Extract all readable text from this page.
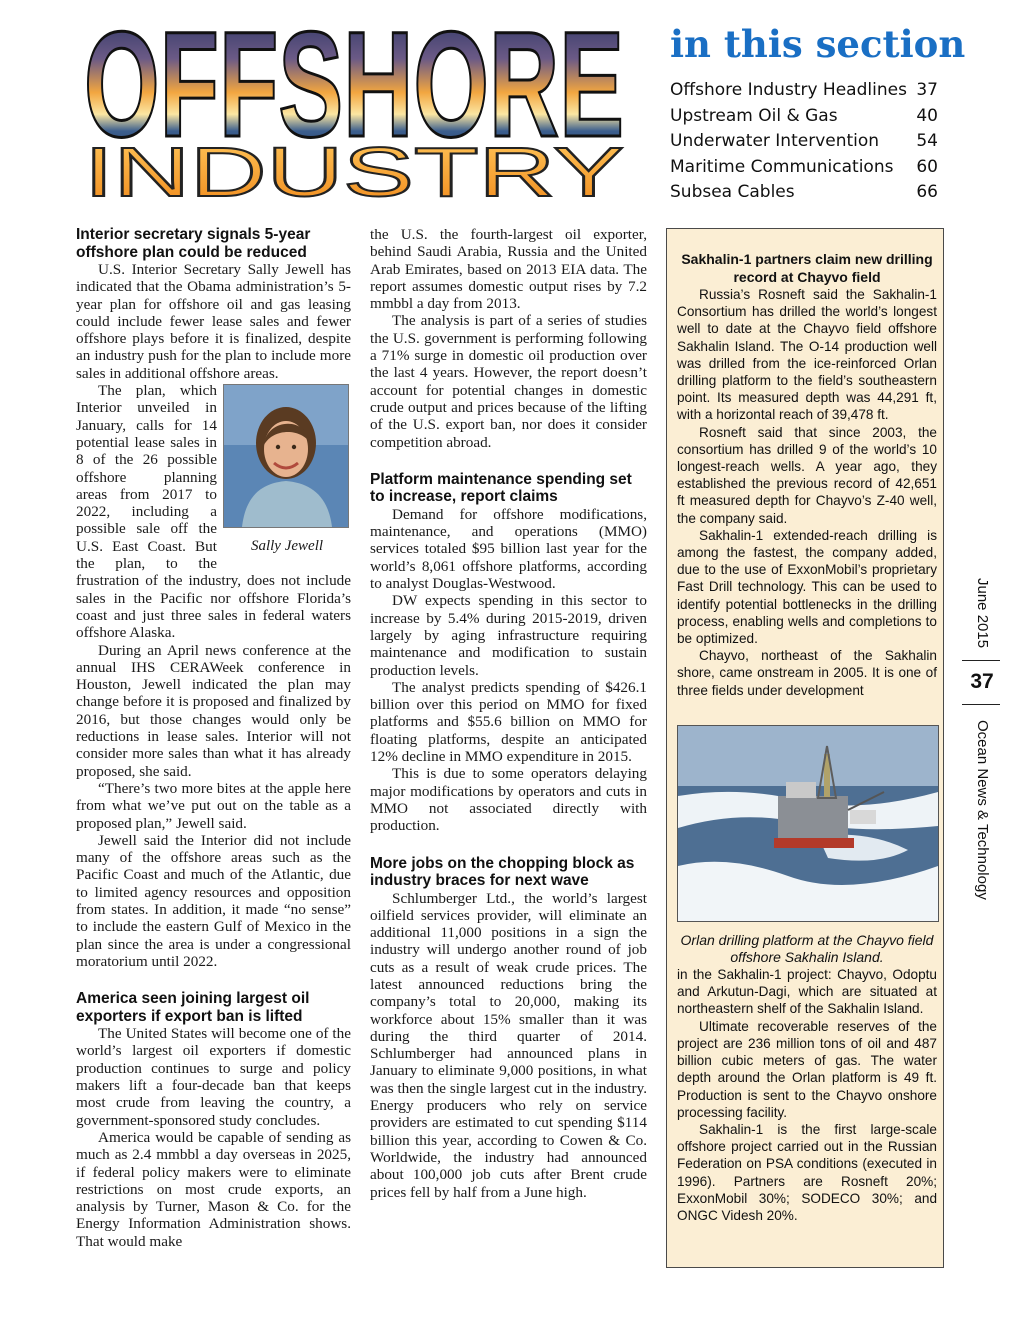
OFFSHORE
INDUSTRY
in this section
Offshore Industry Headlines 37
Upstream Oil & Gas	40
Underwater Intervention 54
Maritime Communications 60
Subsea Cables	66
Interior secretary signals 5-year offshore plan could be reduced

U.S. Interior Secretary Sally Jewell has indicated that the Obama administration’s 5-year plan for offshore oil and gas leasing could include fewer lease sales and fewer offshore plays before it is finalized, despite an industry push for the plan to include more sales in additional offshore areas.

Sally Jewell

The plan, which Interior unveiled in January, calls for 14 potential lease sales in 8 of the 26 possible offshore planning areas from 2017 to 2022, including a possible sale off the U.S. East Coast. But the plan, to the frustration of the industry, does not include sales in the Pacific nor offshore Florida’s coast and just three sales in federal waters offshore Alaska.

During an April news conference at the annual IHS CERAWeek conference in Houston, Jewell indicated the plan may change before it is proposed and finalized by 2016, but those changes would only be reductions in lease sales. Interior will not consider more sales than what it has already proposed, she said.

“There’s two more bites at the apple here from what we’ve put out on the table as a proposed plan,” Jewell said.

Jewell said the Interior did not include many of the offshore areas such as the Pacific Coast and much of the Atlantic, due to limited agency resources and opposition from states. In addition, it made “no sense” to include the eastern Gulf of Mexico in the plan since the area is under a congressional moratorium until 2022.

America seen joining largest oil exporters if export ban is lifted

The United States will become one of the world’s largest oil exporters if domestic production continues to surge and policy makers lift a four-decade ban that keeps most crude from leaving the country, a government-sponsored study concludes.

America would be capable of sending as much as 2.4 mmbbl a day overseas in 2025, if federal policy makers were to eliminate restrictions on most crude exports, an analysis by Turner, Mason & Co. for the Energy Information Administration shows. That would make

the U.S. the fourth-largest oil exporter, behind Saudi Arabia, Russia and the United Arab Emirates, based on 2013 EIA data. The report assumes domestic output rises by 7.2 mmbbl a day from 2013.

The analysis is part of a series of studies the U.S. government is performing following a 71% surge in domestic oil production over the last 4 years. However, the report doesn’t account for potential changes in domestic crude output and prices because of the lifting of the U.S. export ban, nor does it consider competition abroad.

Platform maintenance spending set to increase, report claims

Demand for offshore modifications, maintenance, and operations (MMO) services totaled $95 billion last year for the world’s 8,061 offshore platforms, according to analyst Douglas-Westwood.

DW expects spending in this sector to increase by 5.4% during 2015-2019, driven largely by aging infrastructure requiring maintenance and modification to sustain production levels.

The analyst predicts spending of $426.1 billion over this period on MMO for fixed platforms and $55.6 billion on MMO for floating platforms, despite an anticipated 12% decline in MMO expenditure in 2015.

This is due to some operators delaying major modifications by operators and cuts in MMO not associated directly with production.

More jobs on the chopping block as industry braces for next wave

Schlumberger Ltd., the world’s largest oilfield services provider, will eliminate an additional 11,000 positions in a sign the industry will undergo another round of job cuts as a result of weak crude prices. The latest announced reductions bring the company’s total to 20,000, making its workforce about 15% smaller than it was during the third quarter of 2014. Schlumberger had announced plans in January to eliminate 9,000 positions, in what was then the single largest cut in the industry. Energy producers who rely on service providers are estimated to cut spending $114 billion this year, according to Cowen & Co. Worldwide, the industry had announced about 100,000 job cuts after Brent crude prices fell by half from a June high.

Sakhalin-1 partners claim new drilling record at Chayvo field

Russia’s Rosneft said the Sakhalin-1 Consortium has drilled the world’s longest well to date at the Chayvo field offshore Sakhalin Island. The O-14 production well was drilled from the ice-reinforced Orlan drilling platform to the field’s southeastern point. Its measured depth was 44,291 ft, with a horizontal reach of 39,478 ft.

Rosneft said that since 2003, the consortium has drilled 9 of the world’s 10 longest-reach wells. A year ago, they established the previous record of 42,651 ft measured depth for Chayvo’s Z-40 well, the company said.

Sakhalin-1 extended-reach drilling is among the fastest, the company added, due to the use of ExxonMobil’s proprietary Fast Drill technology. This can be used to identify potential bottlenecks in the drilling process, enabling wells and completions to be optimized.

Chayvo, northeast of the Sakhalin shore, came onstream in 2005. It is one of three fields under development

Orlan drilling platform at the Chayvo field offshore Sakhalin Island.

in the Sakhalin-1 project: Chayvo, Odoptu and Arkutun-Dagi, which are situated at northeastern shelf of the Sakhalin Island.

Ultimate recoverable reserves of the project are 236 million tons of oil and 487 billion cubic meters of gas. The water depth around the Orlan platform is 49 ft. Production is sent to the Chayvo onshore processing facility.

Sakhalin-1 is the first large-scale offshore project carried out in the Russian Federation on PSA conditions (executed in 1996). Partners are Rosneft 20%; ExxonMobil 30%; SODECO 30%; and ONGC Videsh 20%.

June 2015
37
Ocean News & Technology
